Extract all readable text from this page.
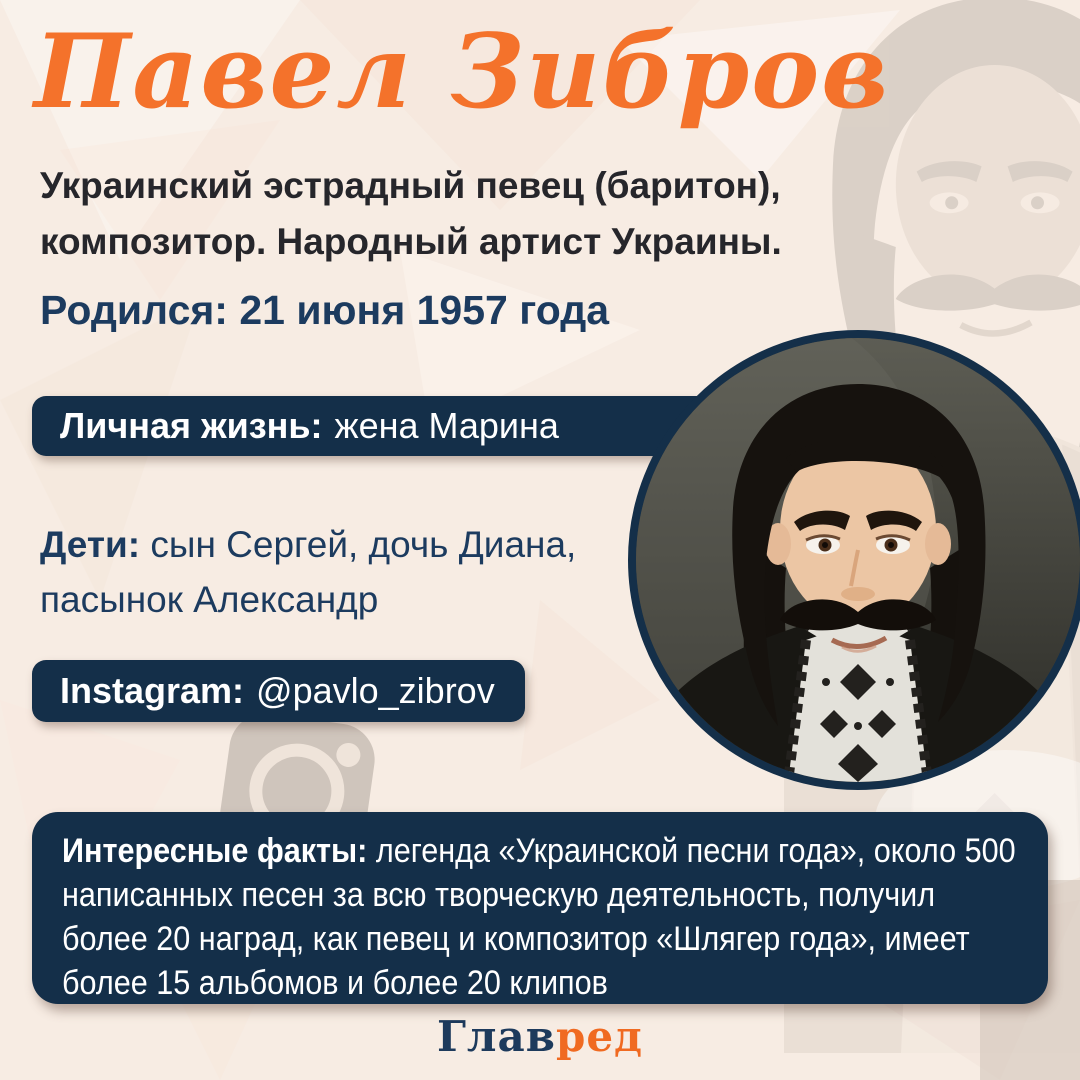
Павел Зибров
Украинский эстрадный певец (баритон),
композитор. Народный артист Украины.
Родился: 21 июня 1957 года
Личная жизнь: жена Марина
Дети: сын Сергей, дочь Диана, пасынок Александр
Instagram: @pavlo_zibrov
Интересные факты: легенда «Украинской песни года», около 500 написанных песен за всю творческую деятельность, получил более 20 наград, как певец и композитор «Шлягер года», имеет более 15 альбомов и более 20 клипов
Главред
